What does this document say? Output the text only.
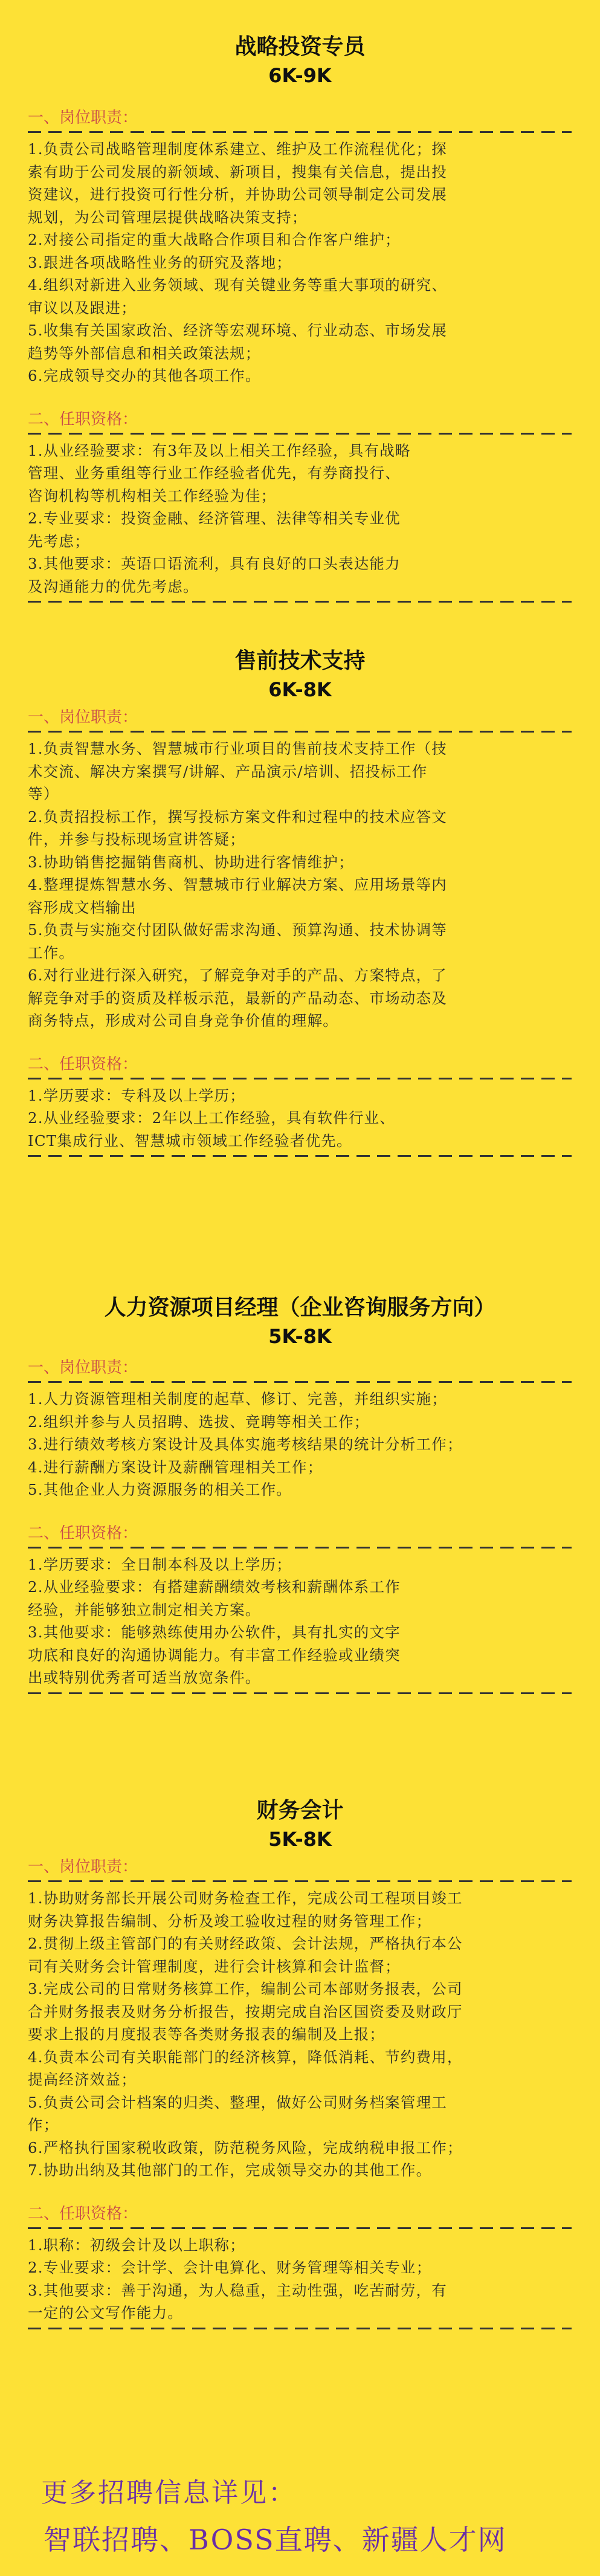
战略投资专员
6K-9K

一、岗位职责：

1.负责公司战略管理制度体系建立、维护及工作流程优化；探

索有助于公司发展的新领域、新项目，搜集有关信息，提出投

资建议，进行投资可行性分析，并协助公司领导制定公司发展

规划，为公司管理层提供战略决策支持；

2.对接公司指定的重大战略合作项目和合作客户维护；

3.跟进各项战略性业务的研究及落地；

4.组织对新进入业务领域、现有关键业务等重大事项的研究、

审议以及跟进；

5.收集有关国家政治、经济等宏观环境、行业动态、市场发展

趋势等外部信息和相关政策法规；

6.完成领导交办的其他各项工作。

二、任职资格：

1.从业经验要求：有3年及以上相关工作经验，具有战略

管理、业务重组等行业工作经验者优先，有券商投行、

咨询机构等机构相关工作经验为佳；

2.专业要求：投资金融、经济管理、法律等相关专业优

先考虑；

3.其他要求：英语口语流利，具有良好的口头表达能力

及沟通能力的优先考虑。

售前技术支持
6K-8K

一、岗位职责：

1.负责智慧水务、智慧城市行业项目的售前技术支持工作（技

术交流、解决方案撰写/讲解、产品演示/培训、招投标工作

等）

2.负责招投标工作，撰写投标方案文件和过程中的技术应答文

件，并参与投标现场宣讲答疑；

3.协助销售挖掘销售商机、协助进行客情维护；

4.整理提炼智慧水务、智慧城市行业解决方案、应用场景等内

容形成文档输出

5.负责与实施交付团队做好需求沟通、预算沟通、技术协调等

工作。

6.对行业进行深入研究，了解竞争对手的产品、方案特点，了

解竞争对手的资质及样板示范，最新的产品动态、市场动态及

商务特点，形成对公司自身竞争价值的理解。

二、任职资格：

1.学历要求：专科及以上学历；

2.从业经验要求：2年以上工作经验，具有软件行业、

ICT集成行业、智慧城市领域工作经验者优先。

人力资源项目经理（企业咨询服务方向）
5K-8K

一、岗位职责：

1.人力资源管理相关制度的起草、修订、完善，并组织实施；

2.组织并参与人员招聘、选拔、竞聘等相关工作；

3.进行绩效考核方案设计及具体实施考核结果的统计分析工作；

4.进行薪酬方案设计及薪酬管理相关工作；

5.其他企业人力资源服务的相关工作。

二、任职资格：

1.学历要求：全日制本科及以上学历；

2.从业经验要求：有搭建薪酬绩效考核和薪酬体系工作

经验，并能够独立制定相关方案。

3.其他要求：能够熟练使用办公软件，具有扎实的文字

功底和良好的沟通协调能力。有丰富工作经验或业绩突

出或特别优秀者可适当放宽条件。

财务会计
5K-8K

一、岗位职责：

1.协助财务部长开展公司财务检查工作，完成公司工程项目竣工

财务决算报告编制、分析及竣工验收过程的财务管理工作；

2.贯彻上级主管部门的有关财经政策、会计法规，严格执行本公

司有关财务会计管理制度，进行会计核算和会计监督；

3.完成公司的日常财务核算工作，编制公司本部财务报表，公司

合并财务报表及财务分析报告，按期完成自治区国资委及财政厅

要求上报的月度报表等各类财务报表的编制及上报；

4.负责本公司有关职能部门的经济核算，降低消耗、节约费用，

提高经济效益；

5.负责公司会计档案的归类、整理，做好公司财务档案管理工

作；

6.严格执行国家税收政策，防范税务风险，完成纳税申报工作；

7.协助出纳及其他部门的工作，完成领导交办的其他工作。

二、任职资格：

1.职称：初级会计及以上职称；

2.专业要求：会计学、会计电算化、财务管理等相关专业；

3.其他要求：善于沟通，为人稳重，主动性强，吃苦耐劳，有

一定的公文写作能力。

更多招聘信息详见：

智联招聘、BOSS直聘、新疆人才网
